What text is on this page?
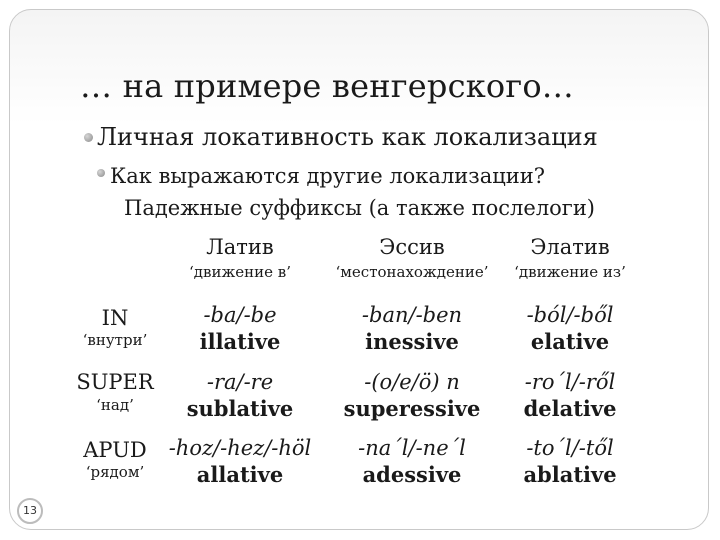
… на примере венгерского…
Личная локативность как локализация
Как выражаются другие локализации?
Падежные суффиксы (а также послелоги)
Латив
‘движение в’
Эссив
‘местонахождение’
Элатив
‘движение из’
IN
‘внутри’
-ba/-be
illative
-ban/-ben
inessive
-ból/-ből
elative
SUPER
‘над’
-ra/-re
sublative
-(o/e/ö) n
superessive
-ro´l/-ről
delative
APUD
‘рядом’
-hoz/-hez/-höl
allative
-na´l/-ne´l
adessive
-to´l/-től
ablative
13
